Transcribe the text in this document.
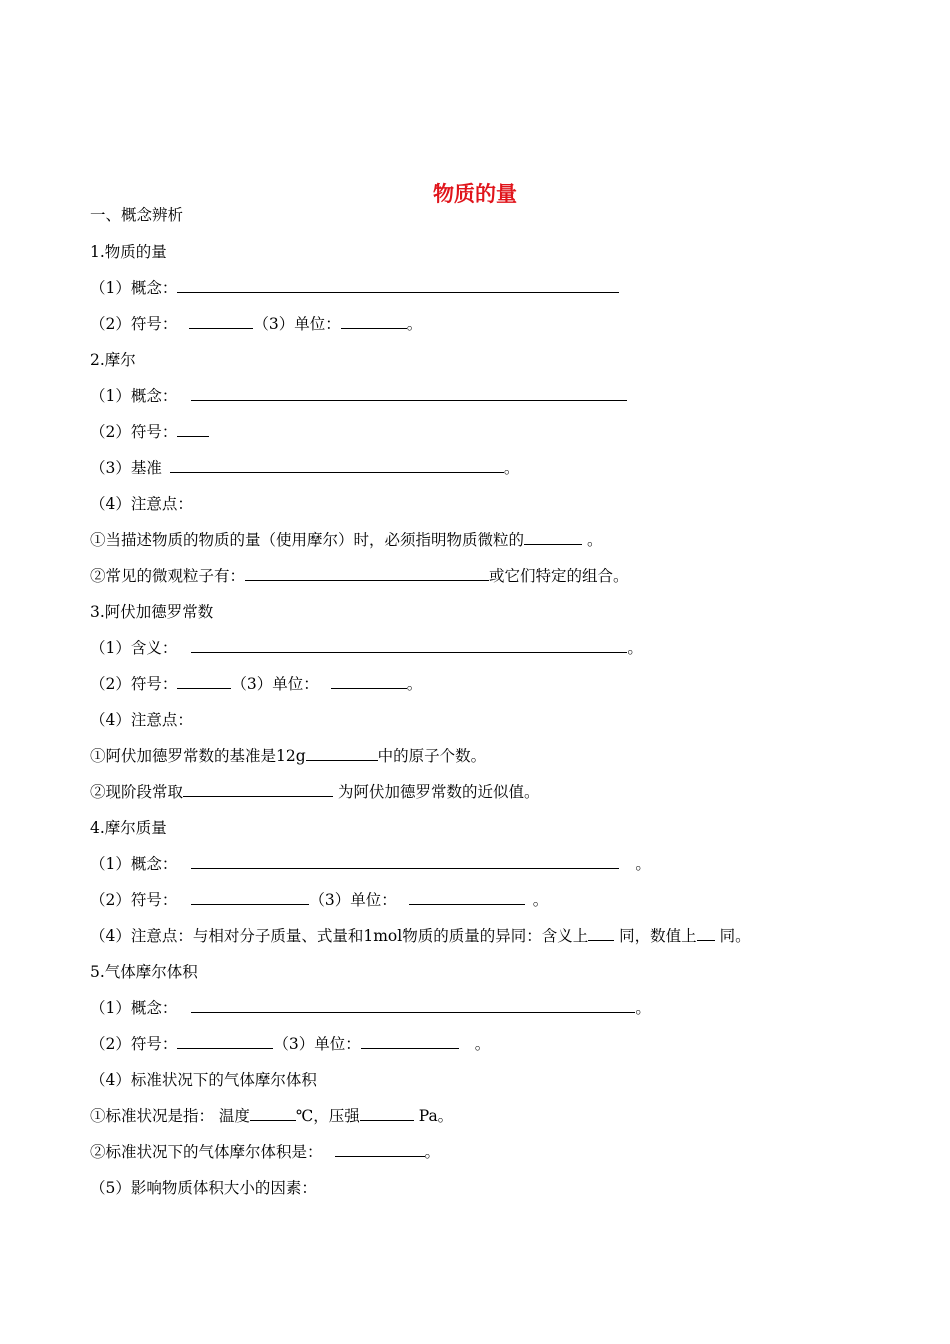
物质的量
一、概念辨析
1.物质的量
（1）概念：
（2）符号：	（3）单位：	。
2.摩尔
（1）概念：
（2）符号：
（3）基准	。
（4）注意点：
①当描述物质的物质的量（使用摩尔）时，必须指明物质微粒的	。
②常见的微观粒子有：	或它们特定的组合。
3.阿伏加德罗常数
（1）含义：	。
（2）符号：	（3）单位：	。
（4）注意点：
①阿伏加德罗常数的基准是12g	中的原子个数。
②现阶段常取	为阿伏加德罗常数的近似值。
4.摩尔质量
（1）概念：	。
（2）符号：	（3）单位：	。
（4）注意点：与相对分子质量、式量和1mol物质的质量的异同：含义上 同，数值上 同。
5.气体摩尔体积
（1）概念：	。
（2）符号：	（3）单位：	。
（4）标准状况下的气体摩尔体积
①标准状况是指： 温度	℃，压强	Pa。
②标准状况下的气体摩尔体积是：	。
（5）影响物质体积大小的因素：
